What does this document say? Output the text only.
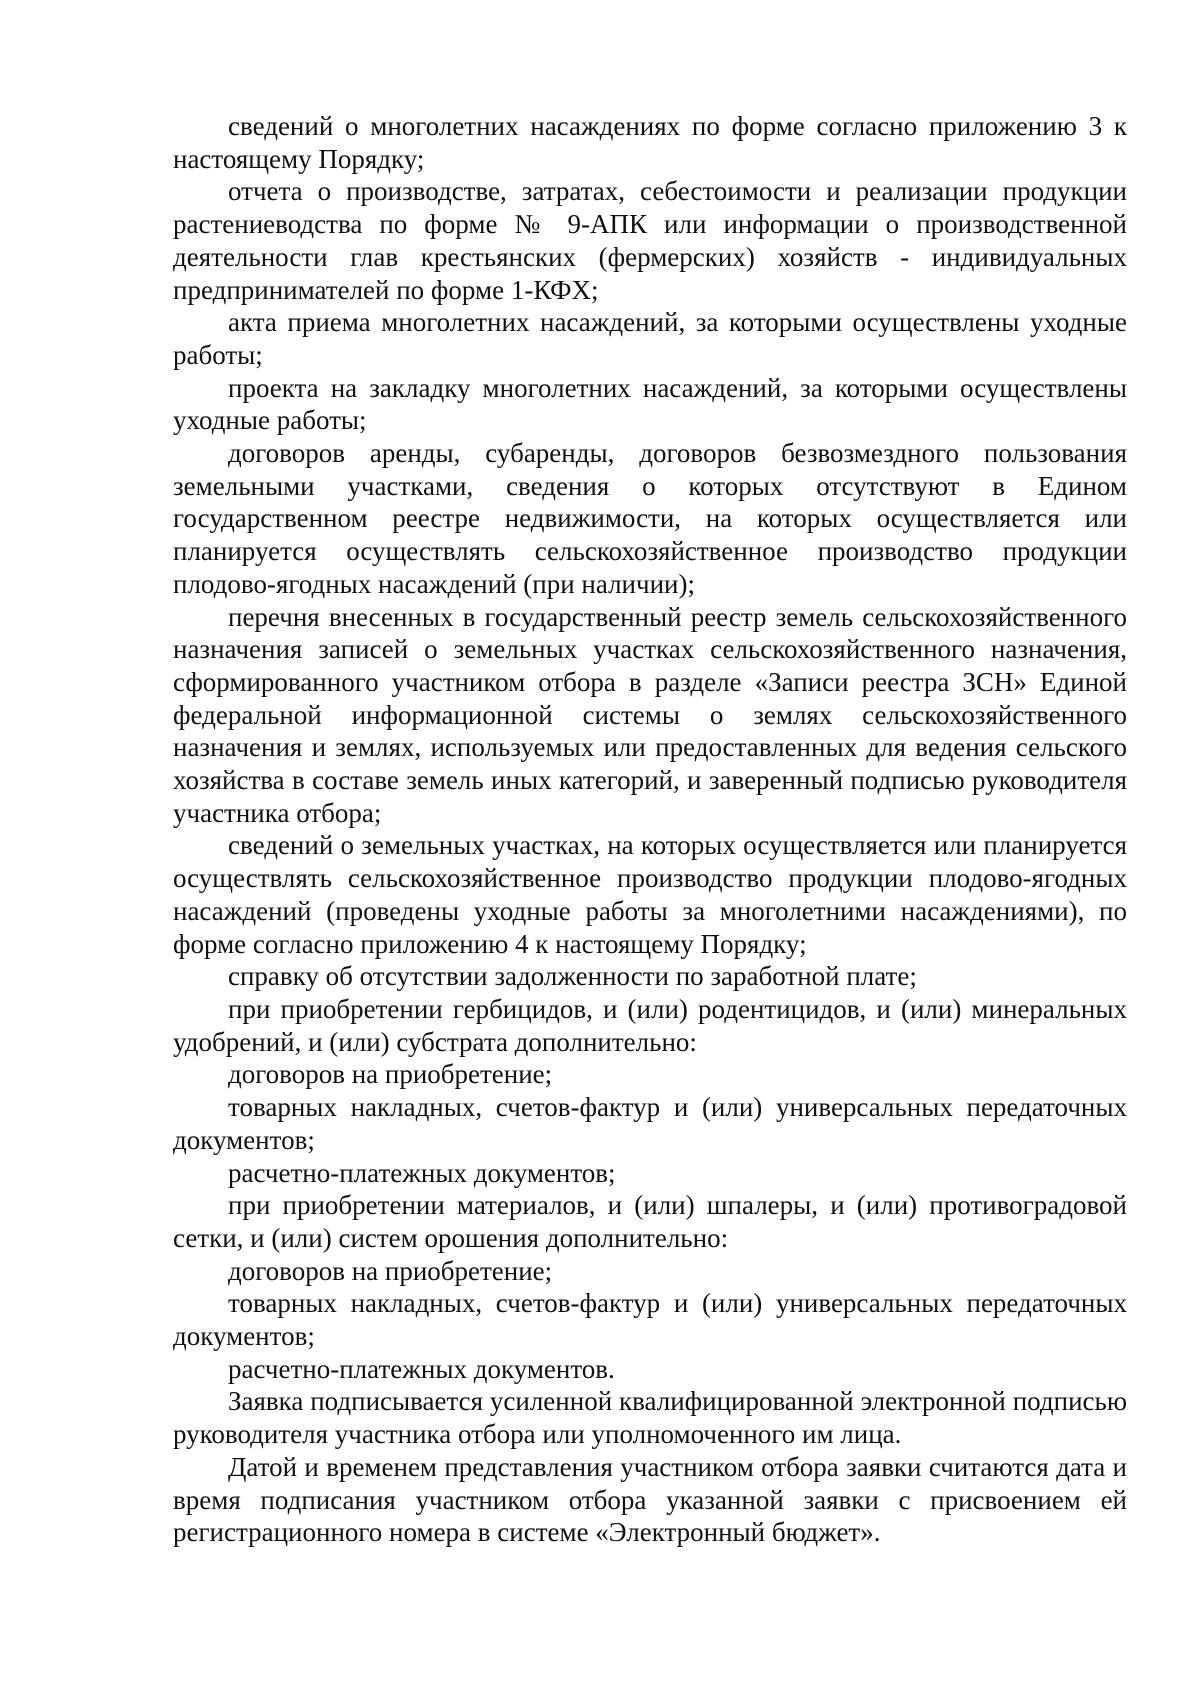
сведений о многолетних насаждениях по форме согласно приложению 3 к настоящему Порядку;

отчета о производстве, затратах, себестоимости и реализации продукции растениеводства по форме № 9-АПК или информации о производственной деятельности глав крестьянских (фермерских) хозяйств - индивидуальных предпринимателей по форме 1-КФХ;

акта приема многолетних насаждений, за которыми осуществлены уходные работы;

проекта на закладку многолетних насаждений, за которыми осуществлены уходные работы;

договоров аренды, субаренды, договоров безвозмездного пользования земельными участками, сведения о которых отсутствуют в Едином государственном реестре недвижимости, на которых осуществляется или планируется осуществлять сельскохозяйственное производство продукции плодово-ягодных насаждений (при наличии);

перечня внесенных в государственный реестр земель сельскохозяйственного назначения записей о земельных участках сельскохозяйственного назначения, сформированного участником отбора в разделе «Записи реестра ЗСН» Единой федеральной информационной системы о землях сельскохозяйственного назначения и землях, используемых или предоставленных для ведения сельского хозяйства в составе земель иных категорий, и заверенный подписью руководителя участника отбора;

сведений о земельных участках, на которых осуществляется или планируется осуществлять сельскохозяйственное производство продукции плодово-ягодных насаждений (проведены уходные работы за многолетними насаждениями), по форме согласно приложению 4 к настоящему Порядку;

справку об отсутствии задолженности по заработной плате;

при приобретении гербицидов, и (или) родентицидов, и (или) минеральных удобрений, и (или) субстрата дополнительно:

договоров на приобретение;

товарных накладных, счетов-фактур и (или) универсальных передаточных документов;

расчетно-платежных документов;

при приобретении материалов, и (или) шпалеры, и (или) противоградовой сетки, и (или) систем орошения дополнительно:

договоров на приобретение;

товарных накладных, счетов-фактур и (или) универсальных передаточных документов;

расчетно-платежных документов.

Заявка подписывается усиленной квалифицированной электронной подписью руководителя участника отбора или уполномоченного им лица.

Датой и временем представления участником отбора заявки считаются дата и время подписания участником отбора указанной заявки с присвоением ей регистрационного номера в системе «Электронный бюджет».
